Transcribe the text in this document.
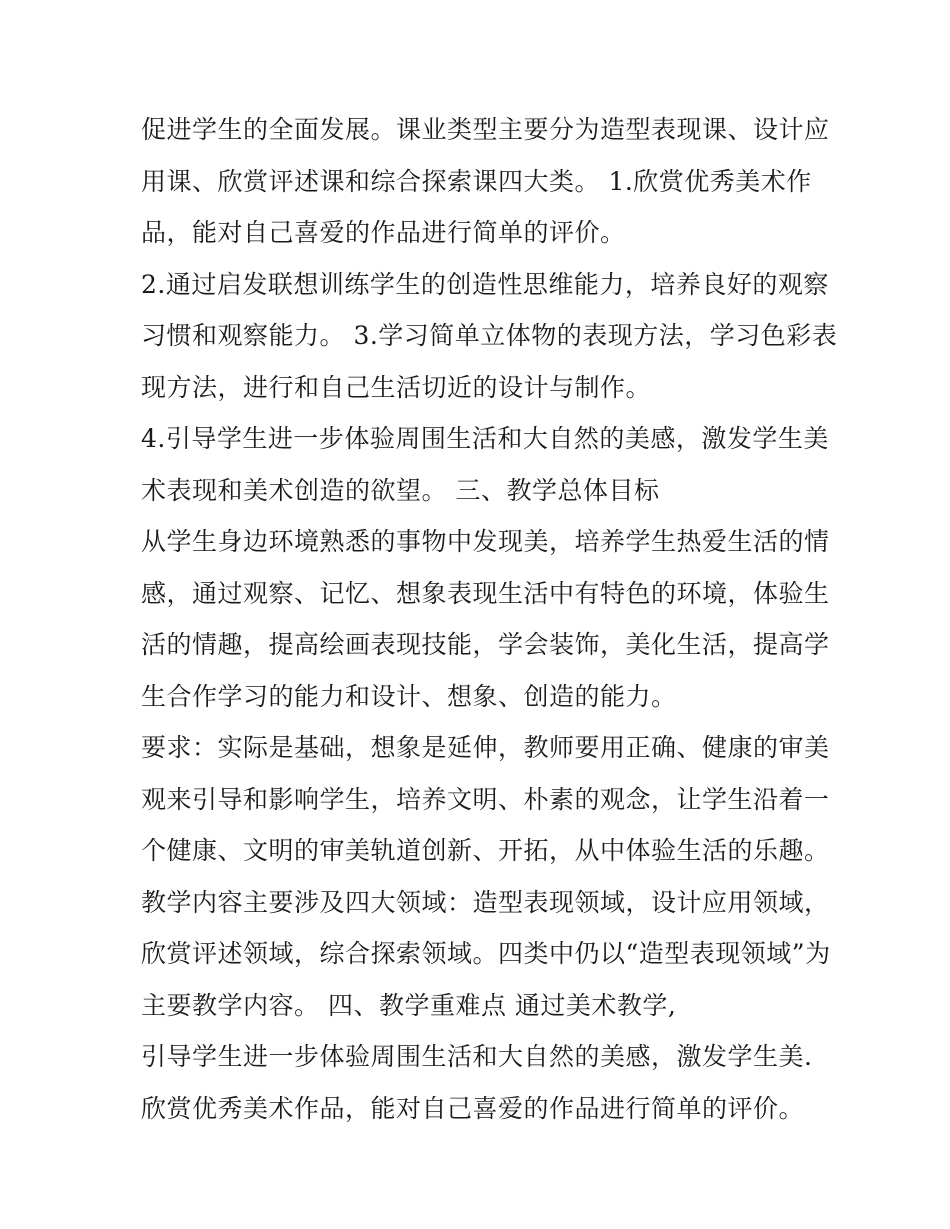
促进学生的全面发展。课业类型主要分为造型表现课、设计应
用课、欣赏评述课和综合探索课四大类。 1.欣赏优秀美术作
品，能对自己喜爱的作品进行简单的评价。
2.通过启发联想训练学生的创造性思维能力，培养良好的观察
习惯和观察能力。 3.学习简单立体物的表现方法，学习色彩表
现方法，进行和自己生活切近的设计与制作。
4.引导学生进一步体验周围生活和大自然的美感，激发学生美
术表现和美术创造的欲望。 三、教学总体目标
从学生身边环境熟悉的事物中发现美，培养学生热爱生活的情
感，通过观察、记忆、想象表现生活中有特色的环境，体验生
活的情趣，提高绘画表现技能，学会装饰，美化生活，提高学
生合作学习的能力和设计、想象、创造的能力。
要求：实际是基础，想象是延伸，教师要用正确、健康的审美
观来引导和影响学生，培养文明、朴素的观念，让学生沿着一
个健康、文明的审美轨道创新、开拓，从中体验生活的乐趣。
教学内容主要涉及四大领域：造型表现领域，设计应用领域，
欣赏评述领域，综合探索领域。四类中仍以“造型表现领域”为
主要教学内容。 四、教学重难点 通过美术教学,
引导学生进一步体验周围生活和大自然的美感，激发学生美.
欣赏优秀美术作品，能对自己喜爱的作品进行简单的评价。
